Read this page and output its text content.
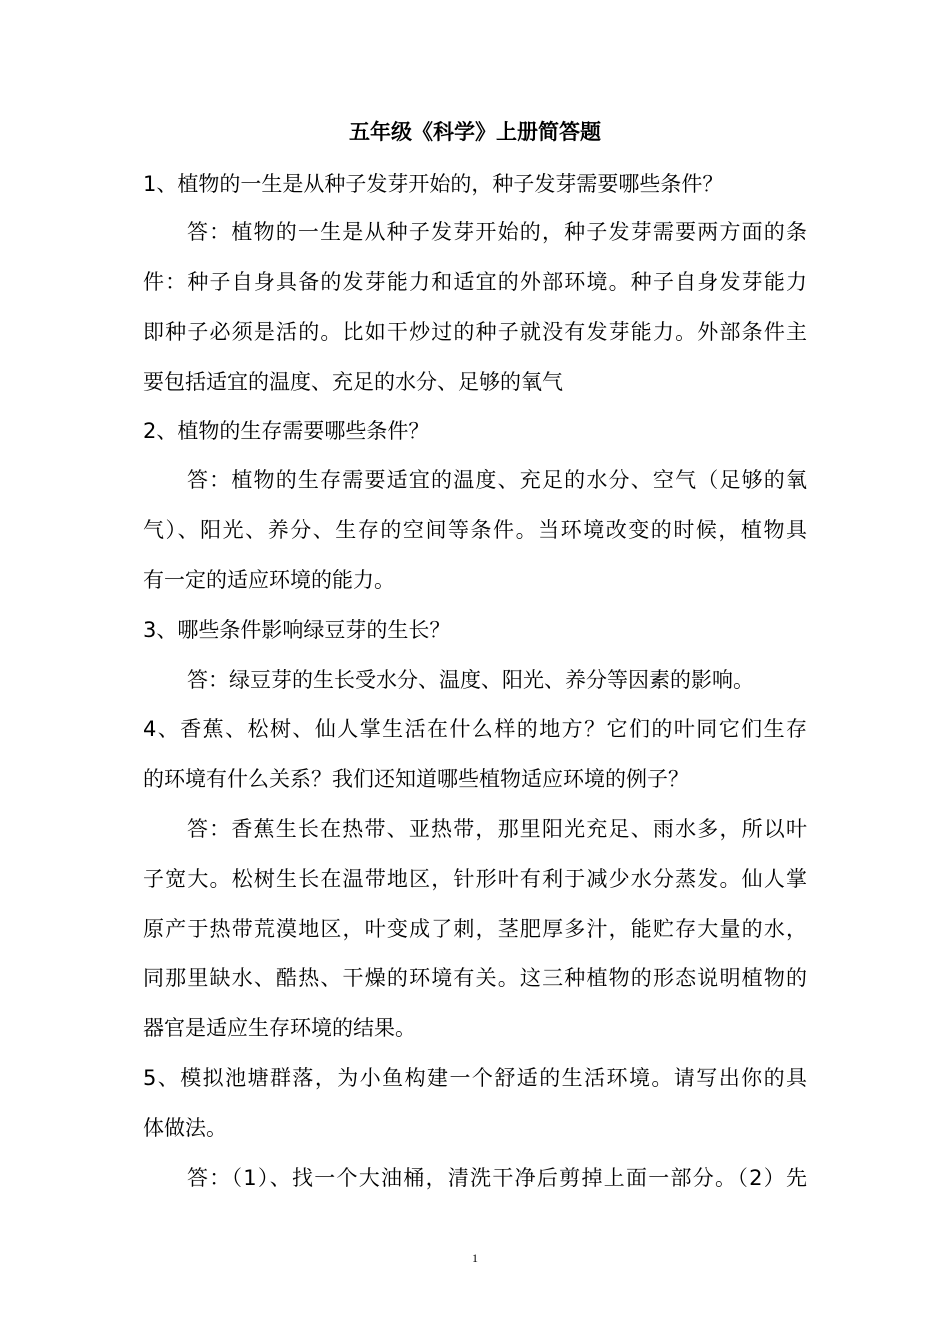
五年级《科学》上册简答题
1、植物的一生是从种子发芽开始的，种子发芽需要哪些条件？
答：植物的一生是从种子发芽开始的，种子发芽需要两方面的条
件：种子自身具备的发芽能力和适宜的外部环境。种子自身发芽能力
即种子必须是活的。比如干炒过的种子就没有发芽能力。外部条件主
要包括适宜的温度、充足的水分、足够的氧气
2、植物的生存需要哪些条件？
答：植物的生存需要适宜的温度、充足的水分、空气（足够的氧
气）、阳光、养分、生存的空间等条件。当环境改变的时候，植物具
有一定的适应环境的能力。
3、哪些条件影响绿豆芽的生长？
答：绿豆芽的生长受水分、温度、阳光、养分等因素的影响。
4、香蕉、松树、仙人掌生活在什么样的地方？它们的叶同它们生存
的环境有什么关系？我们还知道哪些植物适应环境的例子？
答：香蕉生长在热带、亚热带，那里阳光充足、雨水多，所以叶
子宽大。松树生长在温带地区，针形叶有利于减少水分蒸发。仙人掌
原产于热带荒漠地区，叶变成了刺，茎肥厚多汁，能贮存大量的水，
同那里缺水、酷热、干燥的环境有关。这三种植物的形态说明植物的
器官是适应生存环境的结果。
5、模拟池塘群落，为小鱼构建一个舒适的生活环境。请写出你的具
体做法。
答：（1）、找一个大油桶，清洗干净后剪掉上面一部分。（2）先
1
